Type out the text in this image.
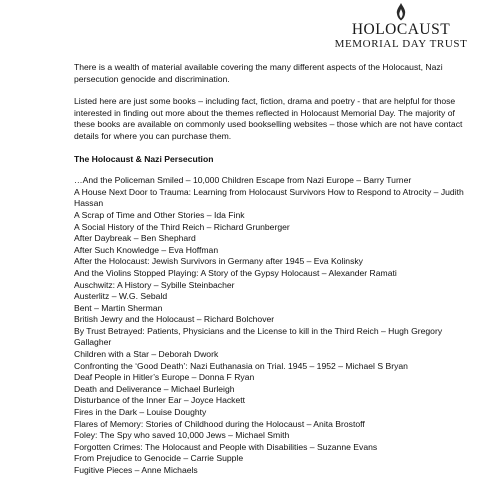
HOLOCAUST
MEMORIAL DAY TRUST

There is a wealth of material available covering the many different aspects of the Holocaust, Nazi persecution genocide and discrimination.

Listed here are just some books – including fact, fiction, drama and poetry - that are helpful for those interested in finding out more about the themes reflected in Holocaust Memorial Day. The majority of these books are available on commonly used bookselling websites – those which are not have contact details for where you can purchase them.

The Holocaust & Nazi Persecution

…And the Policeman Smiled – 10,000 Children Escape from Nazi Europe – Barry Turner
A House Next Door to Trauma: Learning from Holocaust Survivors How to Respond to Atrocity – Judith Hassan
A Scrap of Time and Other Stories – Ida Fink
A Social History of the Third Reich – Richard Grunberger
After Daybreak – Ben Shephard
After Such Knowledge – Eva Hoffman
After the Holocaust: Jewish Survivors in Germany after 1945 – Eva Kolinsky
And the Violins Stopped Playing: A Story of the Gypsy Holocaust – Alexander Ramati
Auschwitz: A History – Sybille Steinbacher
Austerlitz – W.G. Sebald
Bent – Martin Sherman
British Jewry and the Holocaust – Richard Bolchover
By Trust Betrayed: Patients, Physicians and the License to kill in the Third Reich – Hugh Gregory Gallagher
Children with a Star – Deborah Dwork
Confronting the ‘Good Death’: Nazi Euthanasia on Trial. 1945 – 1952 – Michael S Bryan
Deaf People in Hitler’s Europe – Donna F Ryan
Death and Deliverance – Michael Burleigh
Disturbance of the Inner Ear – Joyce Hackett
Fires in the Dark – Louise Doughty
Flares of Memory: Stories of Childhood during the Holocaust – Anita Brostoff
Foley: The Spy who saved 10,000 Jews – Michael Smith
Forgotten Crimes: The Holocaust and People with Disabilities – Suzanne Evans
From Prejudice to Genocide – Carrie Supple
Fugitive Pieces – Anne Michaels
